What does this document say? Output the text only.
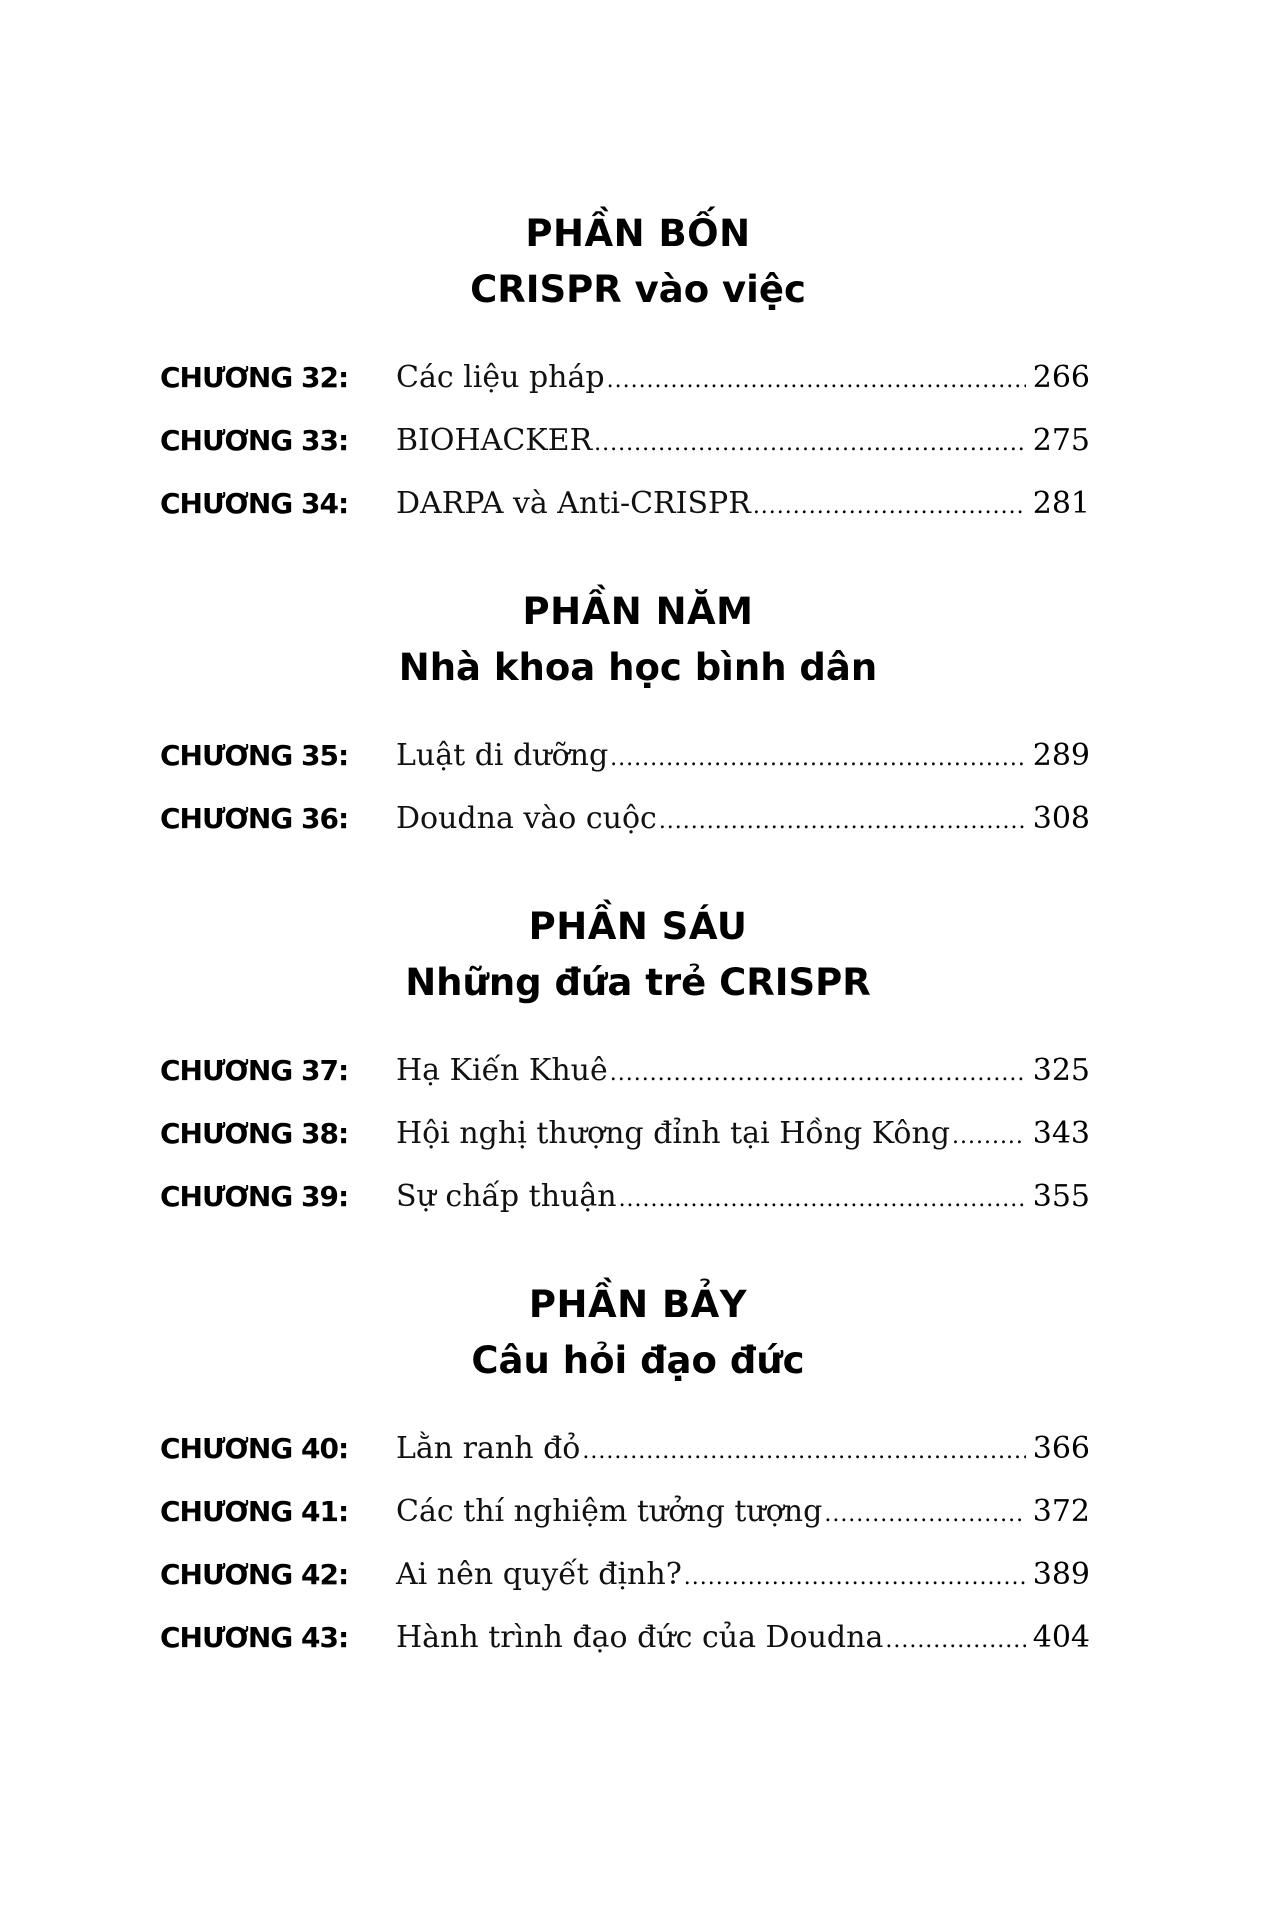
PHẦN BỐN
CRISPR vào việc
CHƯƠNG 32:	Các liệu pháp .....	266
CHƯƠNG 33:	BIOHACKER .....	275
CHƯƠNG 34:	DARPA và Anti-CRISPR .....	281
PHẦN NĂM
Nhà khoa học bình dân
CHƯƠNG 35:	Luật di dưỡng .....	289
CHƯƠNG 36:	Doudna vào cuộc .....	308
PHẦN SÁU
Những đứa trẻ CRISPR
CHƯƠNG 37:	Hạ Kiến Khuê .....	325
CHƯƠNG 38:	Hội nghị thượng đỉnh tại Hồng Kông .....	343
CHƯƠNG 39:	Sự chấp thuận .....	355
PHẦN BẢY
Câu hỏi đạo đức
CHƯƠNG 40:	Lằn ranh đỏ .....	366
CHƯƠNG 41:	Các thí nghiệm tưởng tượng .....	372
CHƯƠNG 42:	Ai nên quyết định? .....	389
CHƯƠNG 43:	Hành trình đạo đức của Doudna .....	404
